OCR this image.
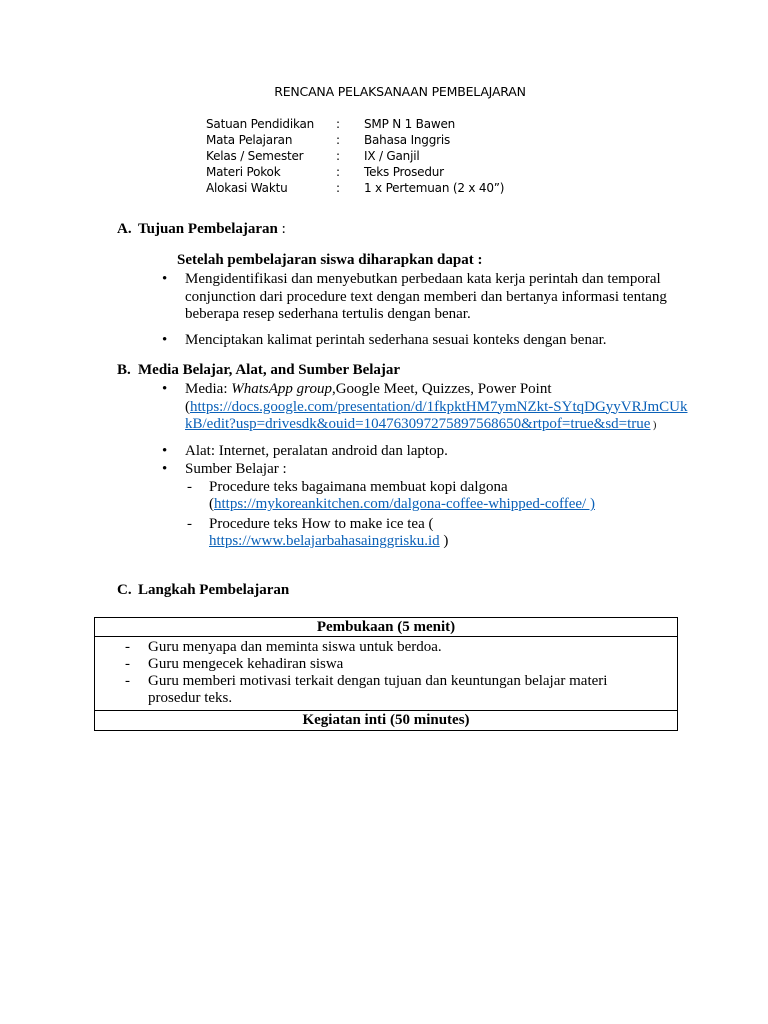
RENCANA PELAKSANAAN PEMBELAJARAN
Satuan Pendidikan	:	SMP N 1 Bawen
Mata Pelajaran	:	Bahasa Inggris
Kelas / Semester	:	IX / Ganjil
Materi Pokok	:	Teks Prosedur
Alokasi Waktu	:	1 x Pertemuan (2 x 40”)
A. Tujuan Pembelajaran :
Setelah pembelajaran siswa diharapkan dapat :
• Mengidentifikasi dan menyebutkan perbedaan kata kerja perintah dan temporal conjunction dari procedure text dengan memberi dan bertanya informasi tentang beberapa resep sederhana tertulis dengan benar.
• Menciptakan kalimat perintah sederhana sesuai konteks dengan benar.
B. Media Belajar, Alat, and Sumber Belajar
• Media: WhatsApp group,Google Meet, Quizzes, Power Point
(https://docs.google.com/presentation/d/1fkpktHM7ymNZkt-SYtqDGyyVRJmCUkkB/edit?usp=drivesdk&ouid=104763097275897568650&rtpof=true&sd=true )
• Alat: Internet, peralatan android dan laptop.
• Sumber Belajar :
- Procedure teks bagaimana membuat kopi dalgona
(https://mykoreankitchen.com/dalgona-coffee-whipped-coffee/ )
- Procedure teks How to make ice tea (
https://www.belajarbahasainggrisku.id )
C. Langkah Pembelajaran
Pembukaan (5 menit)
- Guru menyapa dan meminta siswa untuk berdoa.
- Guru mengecek kehadiran siswa
- Guru memberi motivasi terkait dengan tujuan dan keuntungan belajar materi prosedur teks.
Kegiatan inti (50 minutes)
